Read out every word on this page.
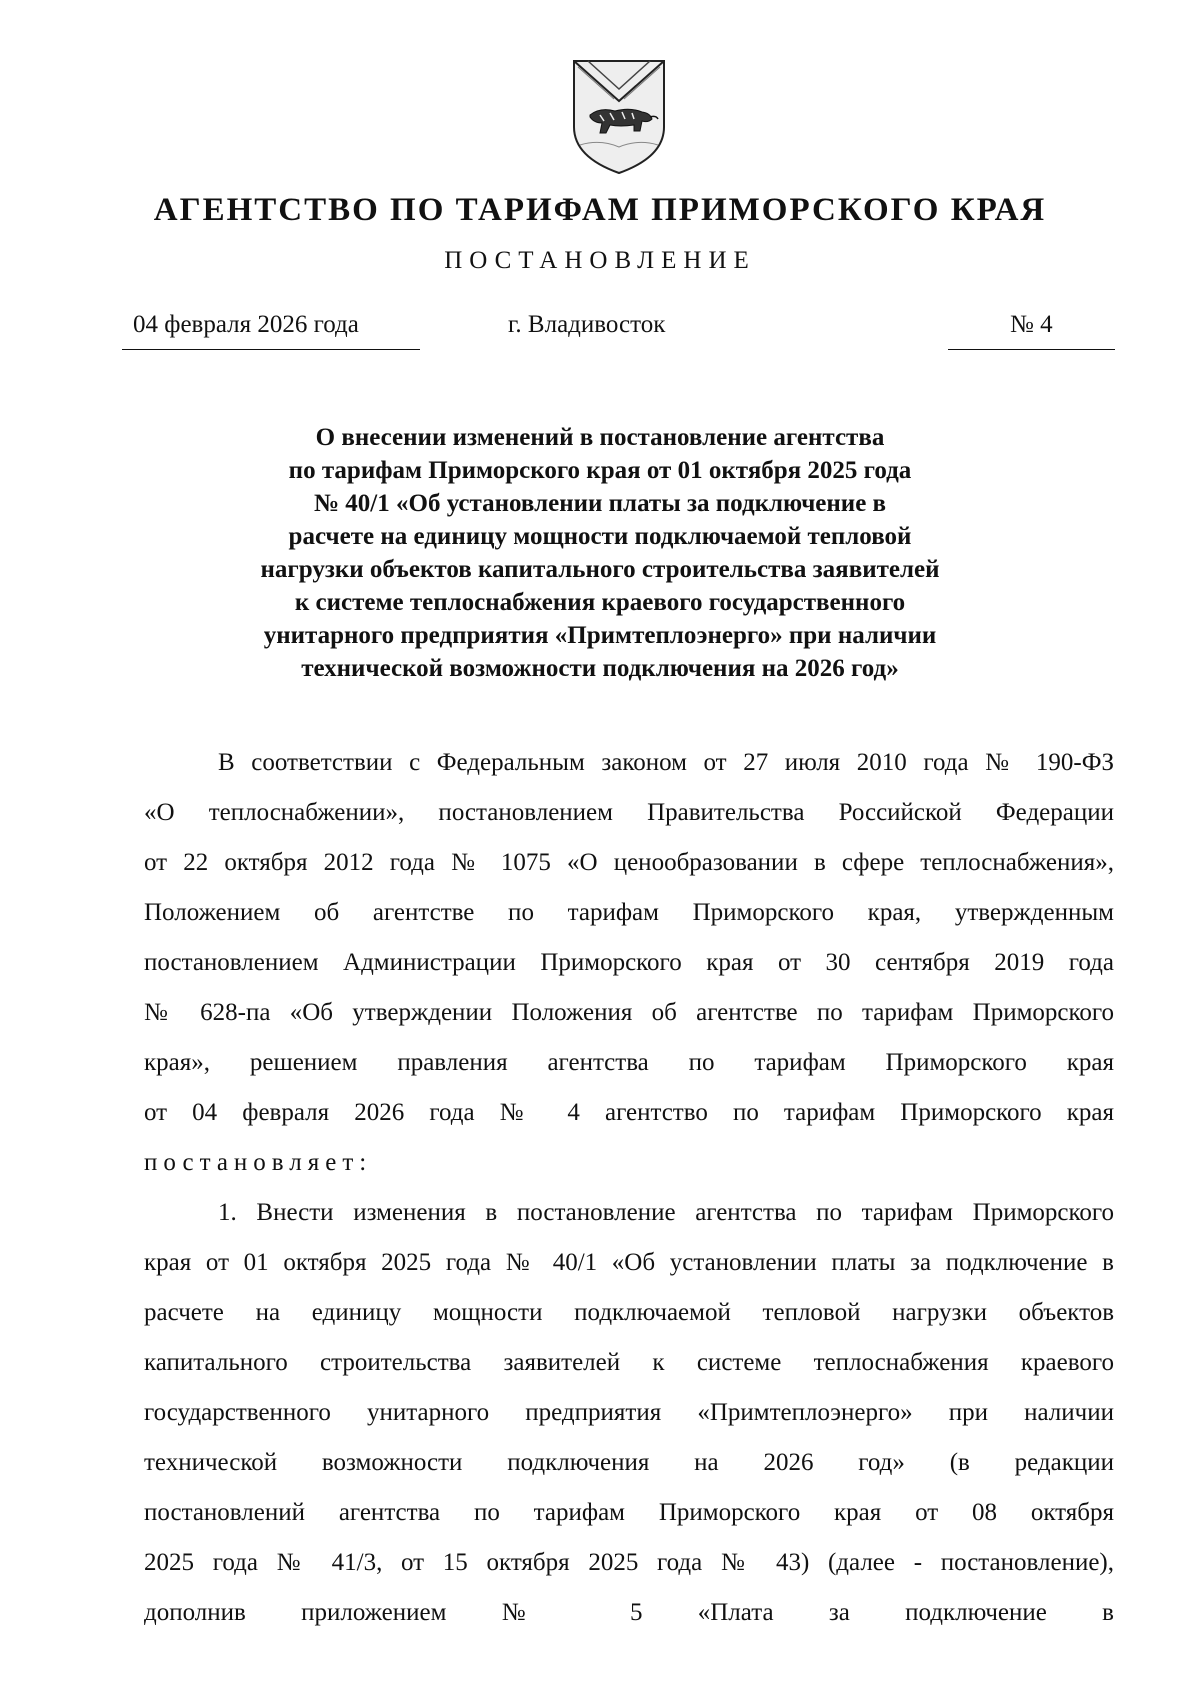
АГЕНТСТВО ПО ТАРИФАМ ПРИМОРСКОГО КРАЯ
ПОСТАНОВЛЕНИЕ
04 февраля 2026 года	г. Владивосток	№ 4
О внесении изменений в постановление агентства
по тарифам Приморского края от 01 октября 2025 года
№ 40/1 «Об установлении платы за подключение в
расчете на единицу мощности подключаемой тепловой
нагрузки объектов капитального строительства заявителей
к системе теплоснабжения краевого государственного
унитарного предприятия «Примтеплоэнерго» при наличии
технической возможности подключения на 2026 год»
В соответствии с Федеральным законом от 27 июля 2010 года № 190-ФЗ
«О теплоснабжении», постановлением Правительства Российской Федерации
от 22 октября 2012 года № 1075 «О ценообразовании в сфере теплоснабжения»,
Положением об агентстве по тарифам Приморского края, утвержденным
постановлением Администрации Приморского края от 30 сентября 2019 года
№ 628-па «Об утверждении Положения об агентстве по тарифам Приморского
края», решением правления агентства по тарифам Приморского края
от 04 февраля 2026 года № 4 агентство по тарифам Приморского края
постановляет:
1. Внести изменения в постановление агентства по тарифам Приморского
края от 01 октября 2025 года № 40/1 «Об установлении платы за подключение в
расчете на единицу мощности подключаемой тепловой нагрузки объектов
капитального строительства заявителей к системе теплоснабжения краевого
государственного унитарного предприятия «Примтеплоэнерго» при наличии
технической возможности подключения на 2026 год» (в редакции
постановлений агентства по тарифам Приморского края от 08 октября
2025 года № 41/3, от 15 октября 2025 года № 43) (далее - постановление),
дополнив приложением № 5 «Плата за подключение в
